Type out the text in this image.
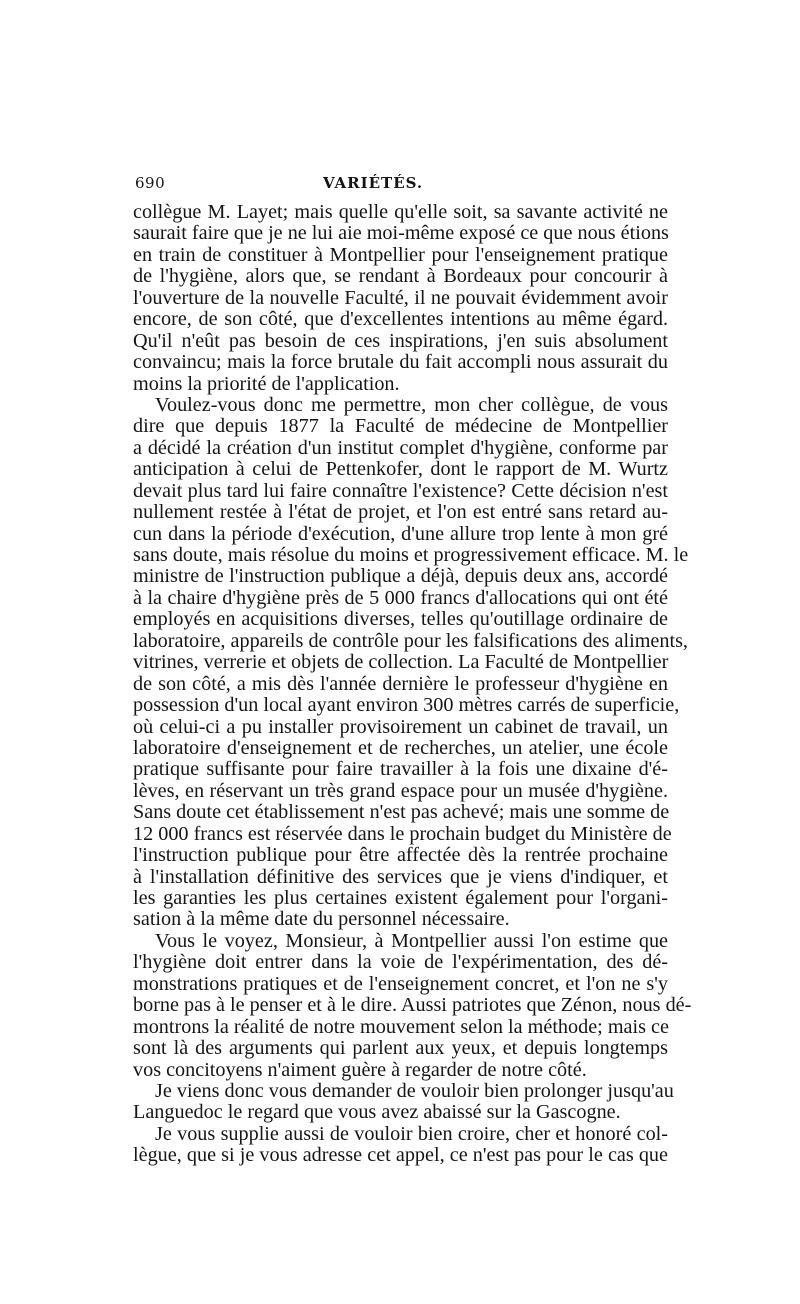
690	VARIÉTÉS.
collègue M. Layet; mais quelle qu'elle soit, sa savante activité ne
saurait faire que je ne lui aie moi-même exposé ce que nous étions
en train de constituer à Montpellier pour l'enseignement pratique
de l'hygiène, alors que, se rendant à Bordeaux pour concourir à
l'ouverture de la nouvelle Faculté, il ne pouvait évidemment avoir
encore, de son côté, que d'excellentes intentions au même égard.
Qu'il n'eût pas besoin de ces inspirations, j'en suis absolument
convaincu; mais la force brutale du fait accompli nous assurait du
moins la priorité de l'application.
Voulez-vous donc me permettre, mon cher collègue, de vous
dire que depuis 1877 la Faculté de médecine de Montpellier
a décidé la création d'un institut complet d'hygiène, conforme par
anticipation à celui de Pettenkofer, dont le rapport de M. Wurtz
devait plus tard lui faire connaître l'existence? Cette décision n'est
nullement restée à l'état de projet, et l'on est entré sans retard au-
cun dans la période d'exécution, d'une allure trop lente à mon gré
sans doute, mais résolue du moins et progressivement efficace. M. le
ministre de l'instruction publique a déjà, depuis deux ans, accordé
à la chaire d'hygiène près de 5 000 francs d'allocations qui ont été
employés en acquisitions diverses, telles qu'outillage ordinaire de
laboratoire, appareils de contrôle pour les falsifications des aliments,
vitrines, verrerie et objets de collection. La Faculté de Montpellier
de son côté, a mis dès l'année dernière le professeur d'hygiène en
possession d'un local ayant environ 300 mètres carrés de superficie,
où celui-ci a pu installer provisoirement un cabinet de travail, un
laboratoire d'enseignement et de recherches, un atelier, une école
pratique suffisante pour faire travailler à la fois une dixaine d'é-
lèves, en réservant un très grand espace pour un musée d'hygiène.
Sans doute cet établissement n'est pas achevé; mais une somme de
12 000 francs est réservée dans le prochain budget du Ministère de
l'instruction publique pour être affectée dès la rentrée prochaine
à l'installation définitive des services que je viens d'indiquer, et
les garanties les plus certaines existent également pour l'organi-
sation à la même date du personnel nécessaire.
Vous le voyez, Monsieur, à Montpellier aussi l'on estime que
l'hygiène doit entrer dans la voie de l'expérimentation, des dé-
monstrations pratiques et de l'enseignement concret, et l'on ne s'y
borne pas à le penser et à le dire. Aussi patriotes que Zénon, nous dé-
montrons la réalité de notre mouvement selon la méthode; mais ce
sont là des arguments qui parlent aux yeux, et depuis longtemps
vos concitoyens n'aiment guère à regarder de notre côté.
Je viens donc vous demander de vouloir bien prolonger jusqu'au
Languedoc le regard que vous avez abaissé sur la Gascogne.
Je vous supplie aussi de vouloir bien croire, cher et honoré col-
lègue, que si je vous adresse cet appel, ce n'est pas pour le cas que
